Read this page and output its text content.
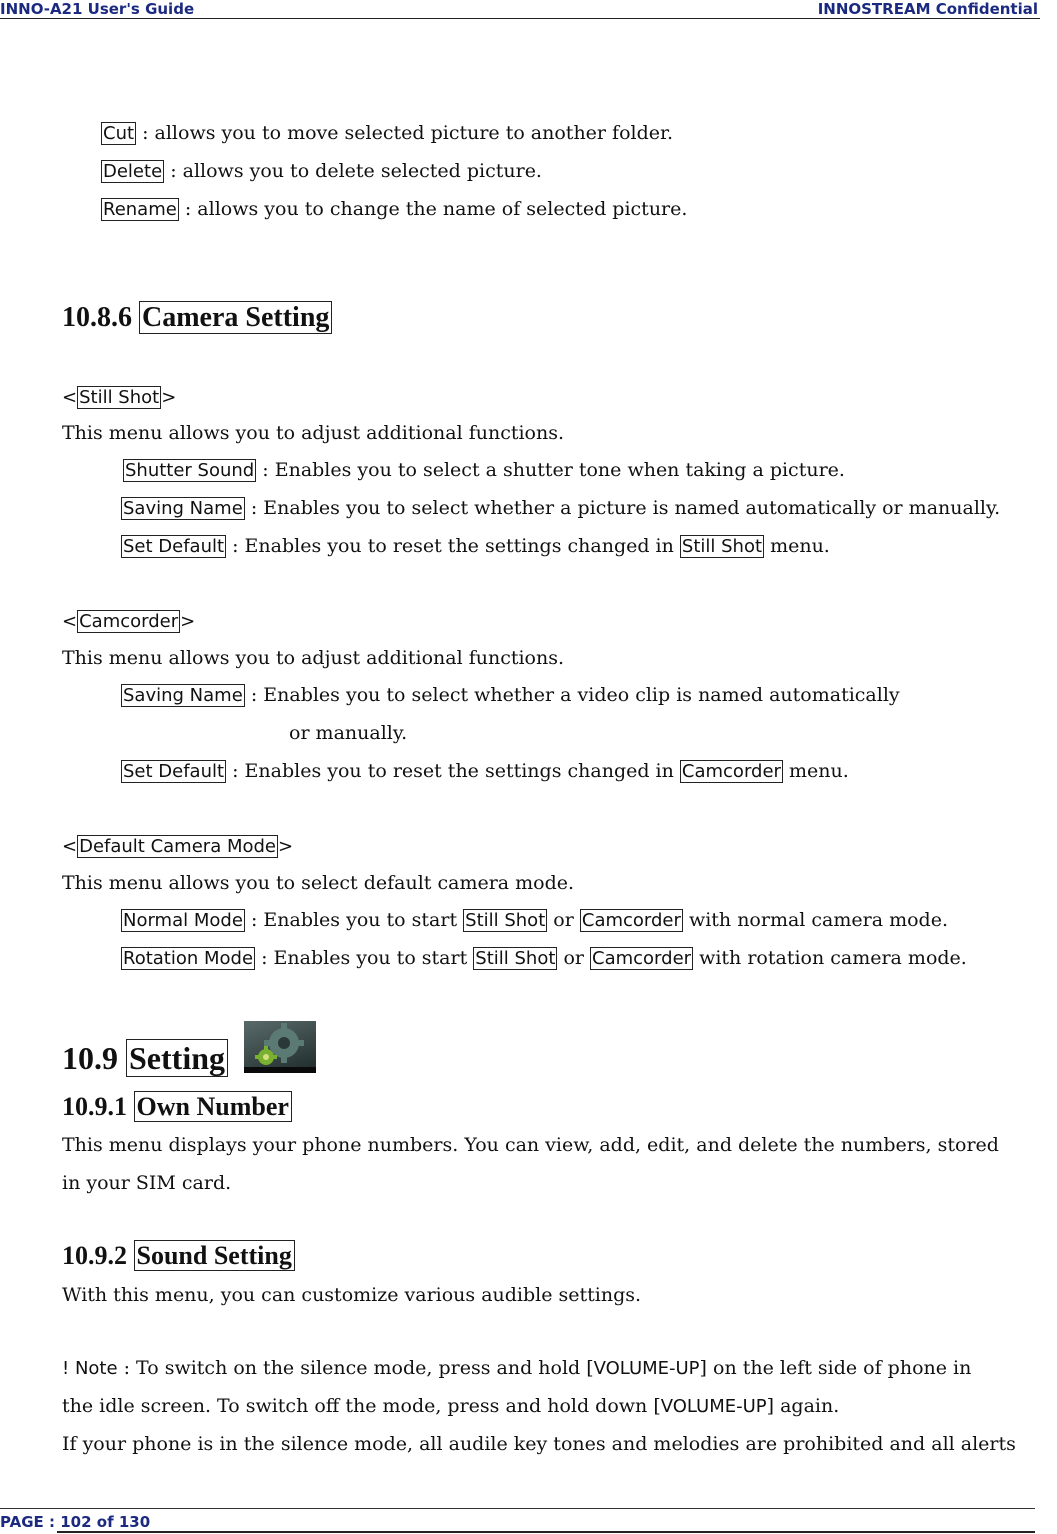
INNO-A21 User's Guide	INNOSTREAM Confidential
Cut : allows you to move selected picture to another folder.
Delete : allows you to delete selected picture.
Rename : allows you to change the name of selected picture.
10.8.6 Camera Setting
< Still Shot >
This menu allows you to adjust additional functions.
Shutter Sound : Enables you to select a shutter tone when taking a picture.
Saving Name : Enables you to select whether a picture is named automatically or manually.
Set Default : Enables you to reset the settings changed in Still Shot menu.
< Camcorder >
This menu allows you to adjust additional functions.
Saving Name : Enables you to select whether a video clip is named automatically
or manually.
Set Default : Enables you to reset the settings changed in Camcorder menu.
< Default Camera Mode >
This menu allows you to select default camera mode.
Normal Mode : Enables you to start Still Shot or Camcorder with normal camera mode.
Rotation Mode : Enables you to start Still Shot or Camcorder with rotation camera mode.
10.9 Setting
10.9.1 Own Number
This menu displays your phone numbers. You can view, add, edit, and delete the numbers, stored
in your SIM card.
10.9.2 Sound Setting
With this menu, you can customize various audible settings.
! Note : To switch on the silence mode, press and hold [VOLUME-UP] on the left side of phone in
the idle screen. To switch off the mode, press and hold down [VOLUME-UP] again.
If your phone is in the silence mode, all audile key tones and melodies are prohibited and all alerts
PAGE : 102 of 130
